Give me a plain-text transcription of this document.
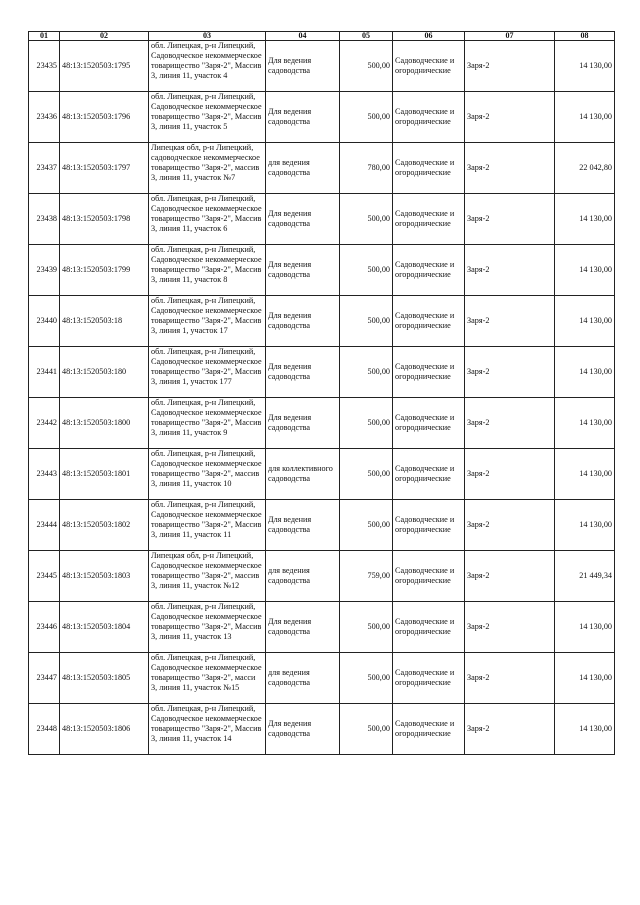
01	02	03	04	05	06	07	08
23435	48:13:1520503:1795	обл. Липецкая, р-н Липецкий, Садоводческое некоммерческое товарищество "Заря-2", Массив 3, линия 11, участок 4	Для ведения садоводства	500,00	Садоводческие и огороднические	Заря-2	14 130,00
23436	48:13:1520503:1796	обл. Липецкая, р-н Липецкий, Садоводческое некоммерческое товарищество "Заря-2", Массив 3, линия 11, участок 5	Для ведения садоводства	500,00	Садоводческие и огороднические	Заря-2	14 130,00
23437	48:13:1520503:1797	Липецкая обл, р-н Липецкий, садоводческое некоммерческое товарищество "Заря-2", массив 3, линия 11, участок №7	для ведения садоводства	780,00	Садоводческие и огороднические	Заря-2	22 042,80
23438	48:13:1520503:1798	обл. Липецкая, р-н Липецкий, Садоводческое некоммерческое товарищество "Заря-2", Массив 3, линия 11, участок 6	Для ведения садоводства	500,00	Садоводческие и огороднические	Заря-2	14 130,00
23439	48:13:1520503:1799	обл. Липецкая, р-н Липецкий, Садоводческое некоммерческое товарищество "Заря-2", Массив 3, линия 11, участок 8	Для ведения садоводства	500,00	Садоводческие и огороднические	Заря-2	14 130,00
23440	48:13:1520503:18	обл. Липецкая, р-н Липецкий, Садоводческое некоммерческое товарищество "Заря-2", Массив 3, линия 1, участок 17	Для ведения садоводства	500,00	Садоводческие и огороднические	Заря-2	14 130,00
23441	48:13:1520503:180	обл. Липецкая, р-н Липецкий, Садоводческое некоммерческое товарищество "Заря-2", Массив 3, линия 1, участок 177	Для ведения садоводства	500,00	Садоводческие и огороднические	Заря-2	14 130,00
23442	48:13:1520503:1800	обл. Липецкая, р-н Липецкий, Садоводческое некоммерческое товарищество "Заря-2", Массив 3, линия 11, участок 9	Для ведения садоводства	500,00	Садоводческие и огороднические	Заря-2	14 130,00
23443	48:13:1520503:1801	обл. Липецкая, р-н Липецкий, Садоводческое некоммерческое товарищество "Заря-2", массив 3, линия 11, участок 10	для коллективного садоводства	500,00	Садоводческие и огороднические	Заря-2	14 130,00
23444	48:13:1520503:1802	обл. Липецкая, р-н Липецкий, Садоводческое некоммерческое товарищество "Заря-2", Массив 3, линия 11, участок 11	Для ведения садоводства	500,00	Садоводческие и огороднические	Заря-2	14 130,00
23445	48:13:1520503:1803	Липецкая обл, р-н Липецкий, Садоводческое некоммерческое товарищество "Заря-2", массив 3, линия 11, участок №12	для ведения садоводства	759,00	Садоводческие и огороднические	Заря-2	21 449,34
23446	48:13:1520503:1804	обл. Липецкая, р-н Липецкий, Садоводческое некоммерческое товарищество "Заря-2", Массив 3, линия 11, участок 13	Для ведения садоводства	500,00	Садоводческие и огороднические	Заря-2	14 130,00
23447	48:13:1520503:1805	обл. Липецкая, р-н Липецкий, Садоводческое некоммерческое товарищество "Заря-2", масси 3, линия 11, участок №15	для ведения садоводства	500,00	Садоводческие и огороднические	Заря-2	14 130,00
23448	48:13:1520503:1806	обл. Липецкая, р-н Липецкий, Садоводческое некоммерческое товарищество "Заря-2", Массив 3, линия 11, участок 14	Для ведения садоводства	500,00	Садоводческие и огороднические	Заря-2	14 130,00
